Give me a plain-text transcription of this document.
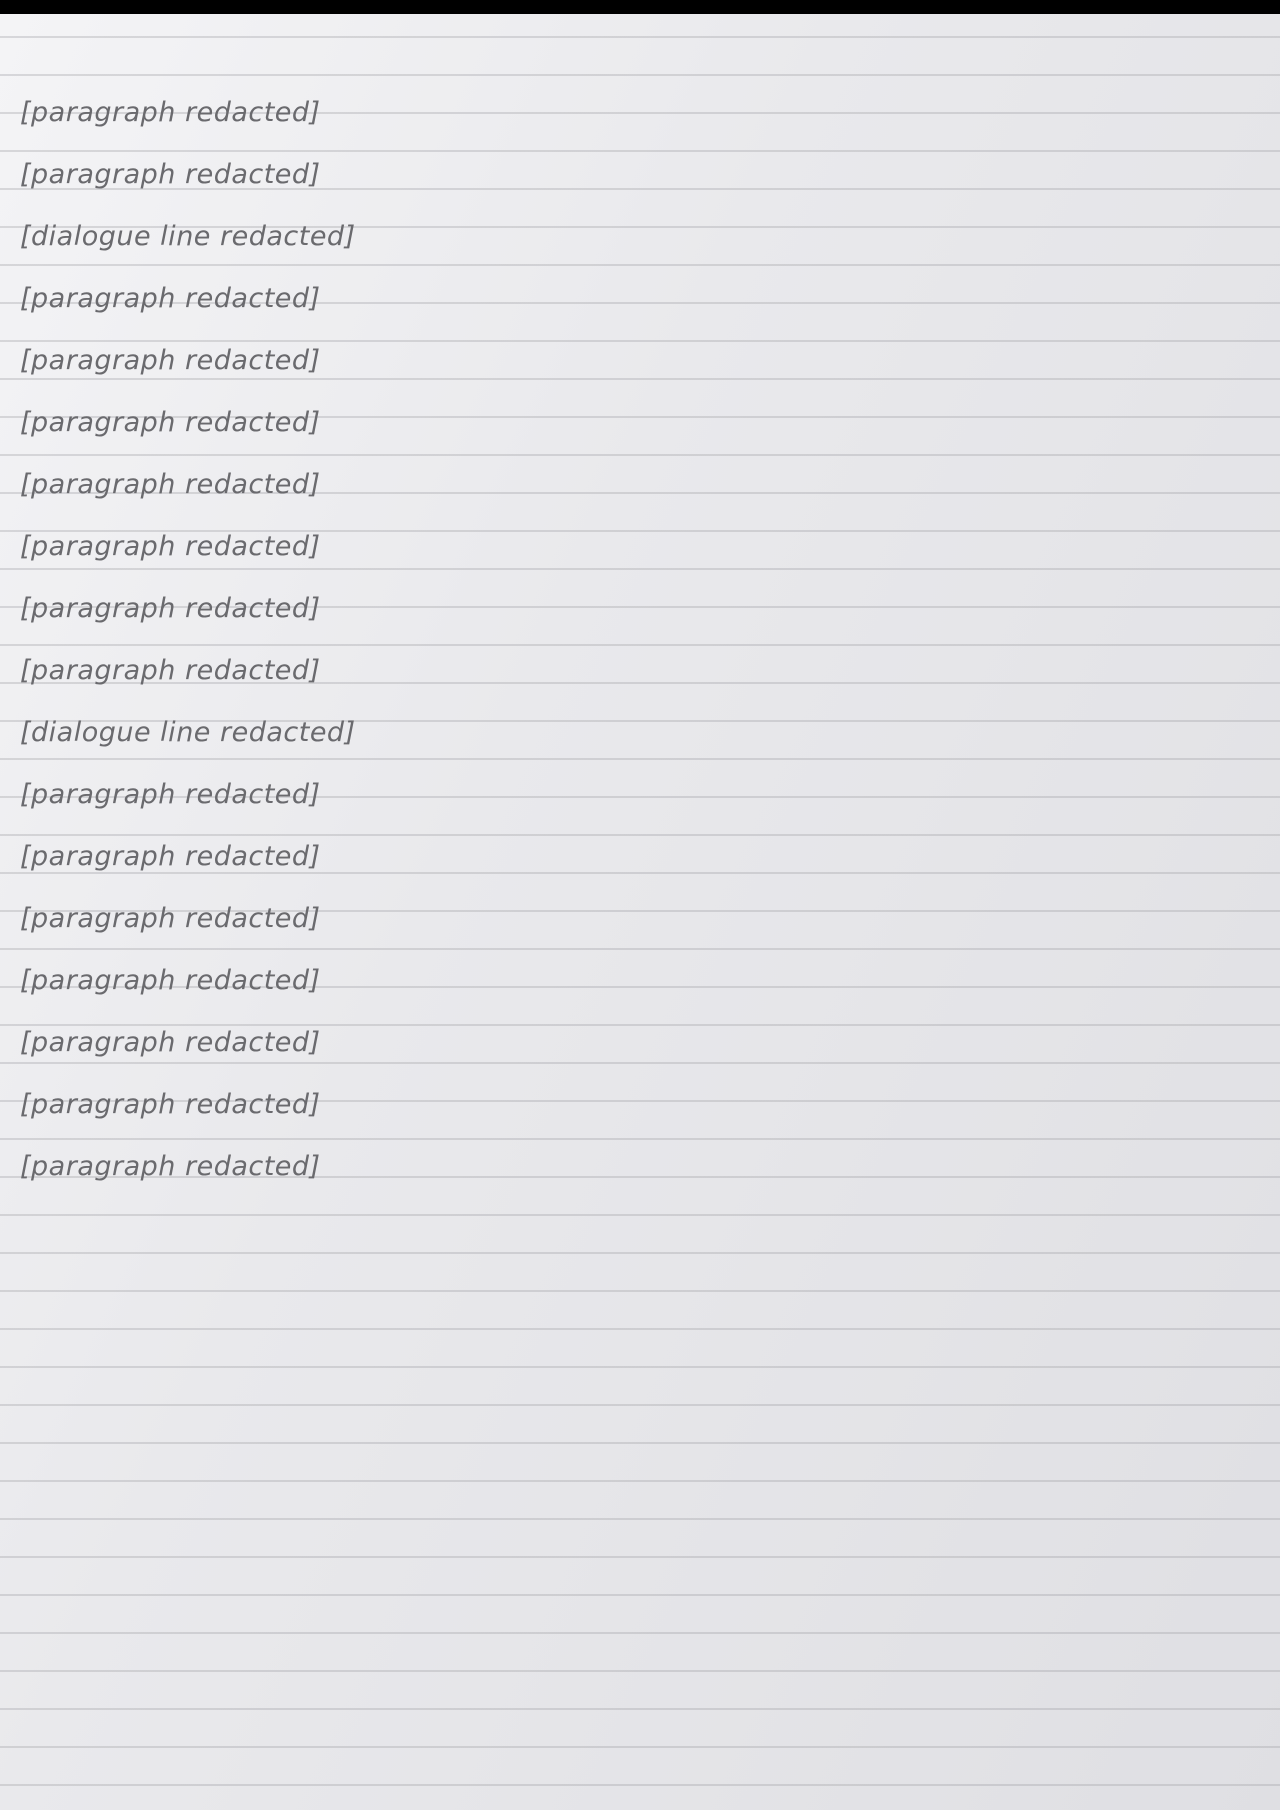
[paragraph redacted]

[paragraph redacted]

[dialogue line redacted]

[paragraph redacted]

[paragraph redacted]

[paragraph redacted]

[paragraph redacted]

[paragraph redacted]

[paragraph redacted]

[paragraph redacted]

[dialogue line redacted]

[paragraph redacted]

[paragraph redacted]

[paragraph redacted]

[paragraph redacted]

[paragraph redacted]

[paragraph redacted]

[paragraph redacted]
